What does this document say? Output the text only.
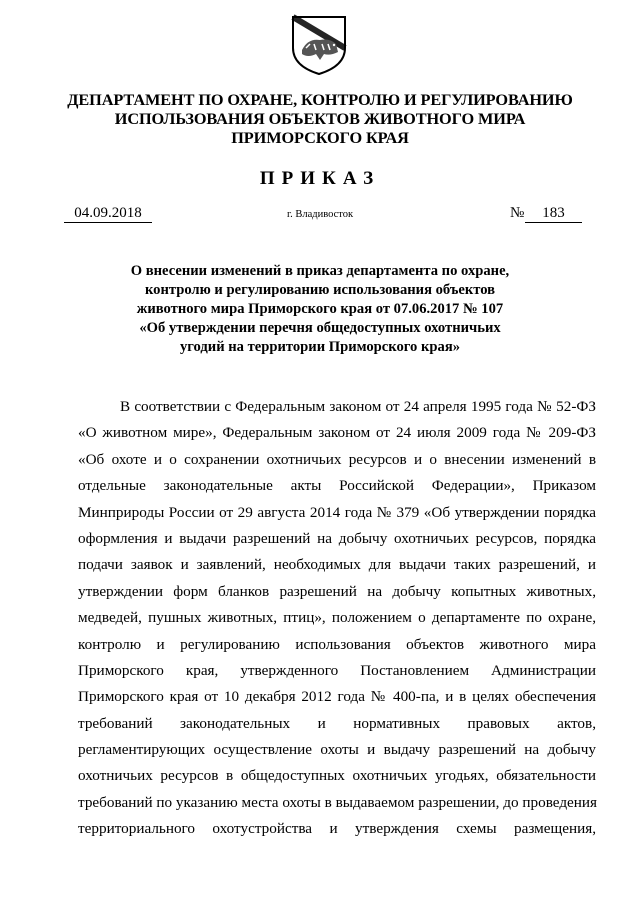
ДЕПАРТАМЕНТ ПО ОХРАНЕ, КОНТРОЛЮ И РЕГУЛИРОВАНИЮ
ИСПОЛЬЗОВАНИЯ ОБЪЕКТОВ ЖИВОТНОГО МИРА
ПРИМОРСКОГО КРАЯ
ПРИКАЗ
04.09.2018	г. Владивосток	№	183
О внесении изменений в приказ департамента по охране,
контролю и регулированию использования объектов
животного мира Приморского края от 07.06.2017 № 107
«Об утверждении перечня общедоступных охотничьих
угодий на территории Приморского края»
В соответствии с Федеральным законом от 24 апреля 1995 года № 52-ФЗ
«О животном мире», Федеральным законом от 24 июля 2009 года № 209-ФЗ
«Об охоте и о сохранении охотничьих ресурсов и о внесении изменений в
отдельные законодательные акты Российской Федерации», Приказом
Минприроды России от 29 августа 2014 года № 379 «Об утверждении порядка
оформления и выдачи разрешений на добычу охотничьих ресурсов, порядка
подачи заявок и заявлений, необходимых для выдачи таких разрешений, и
утверждении форм бланков разрешений на добычу копытных животных,
медведей, пушных животных, птиц», положением о департаменте по охране,
контролю и регулированию использования объектов животного мира
Приморского края, утвержденного Постановлением Администрации
Приморского края от 10 декабря 2012 года № 400-па, и в целях обеспечения
требований законодательных и нормативных правовых актов,
регламентирующих осуществление охоты и выдачу разрешений на добычу
охотничьих ресурсов в общедоступных охотничьих угодьях, обязательности
требований по указанию места охоты в выдаваемом разрешении, до проведения
территориального охотустройства и утверждения схемы размещения,
